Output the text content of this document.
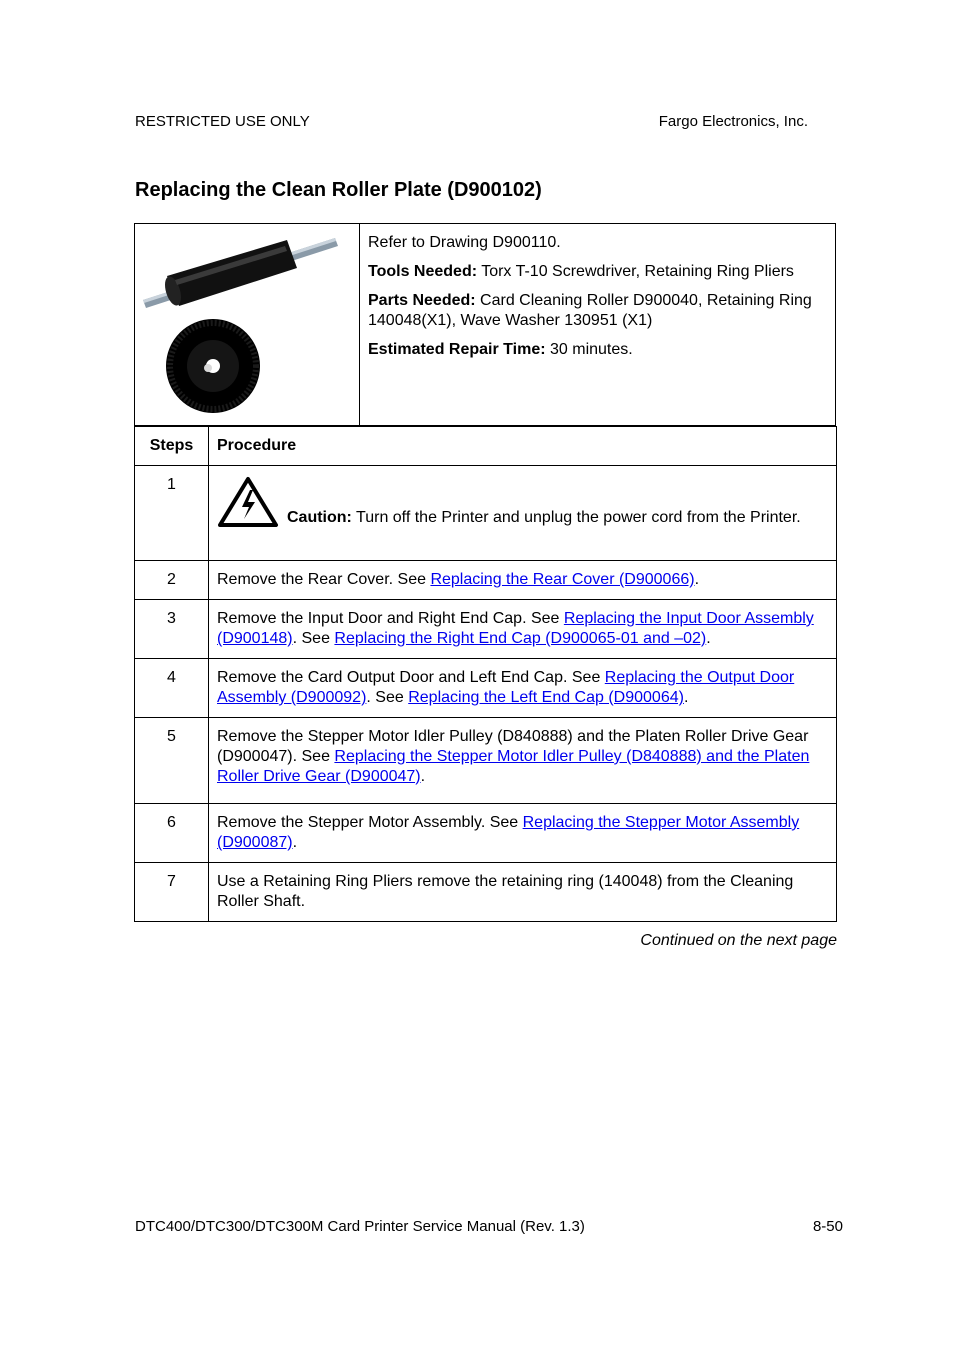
RESTRICTED USE ONLY	Fargo Electronics, Inc.
Replacing the Clean Roller Plate (D900102)

Refer to Drawing D900110.

Tools Needed: Torx T-10 Screwdriver, Retaining Ring Pliers

Parts Needed: Card Cleaning Roller D900040, Retaining Ring 140048(X1), Wave Washer 130951 (X1)

Estimated Repair Time: 30 minutes.

Steps	Procedure
1	Caution: Turn off the Printer and unplug the power cord from the Printer.
2	Remove the Rear Cover. See Replacing the Rear Cover (D900066).
3	Remove the Input Door and Right End Cap. See Replacing the Input Door Assembly (D900148). See Replacing the Right End Cap (D900065-01 and –02).
4	Remove the Card Output Door and Left End Cap. See Replacing the Output Door Assembly (D900092). See Replacing the Left End Cap (D900064).
5	Remove the Stepper Motor Idler Pulley (D840888) and the Platen Roller Drive Gear (D900047). See Replacing the Stepper Motor Idler Pulley (D840888) and the Platen Roller Drive Gear (D900047).
6	Remove the Stepper Motor Assembly. See Replacing the Stepper Motor Assembly (D900087).
7	Use a Retaining Ring Pliers remove the retaining ring (140048) from the Cleaning Roller Shaft.
Continued on the next page
DTC400/DTC300/DTC300M Card Printer Service Manual (Rev. 1.3)	8-50
